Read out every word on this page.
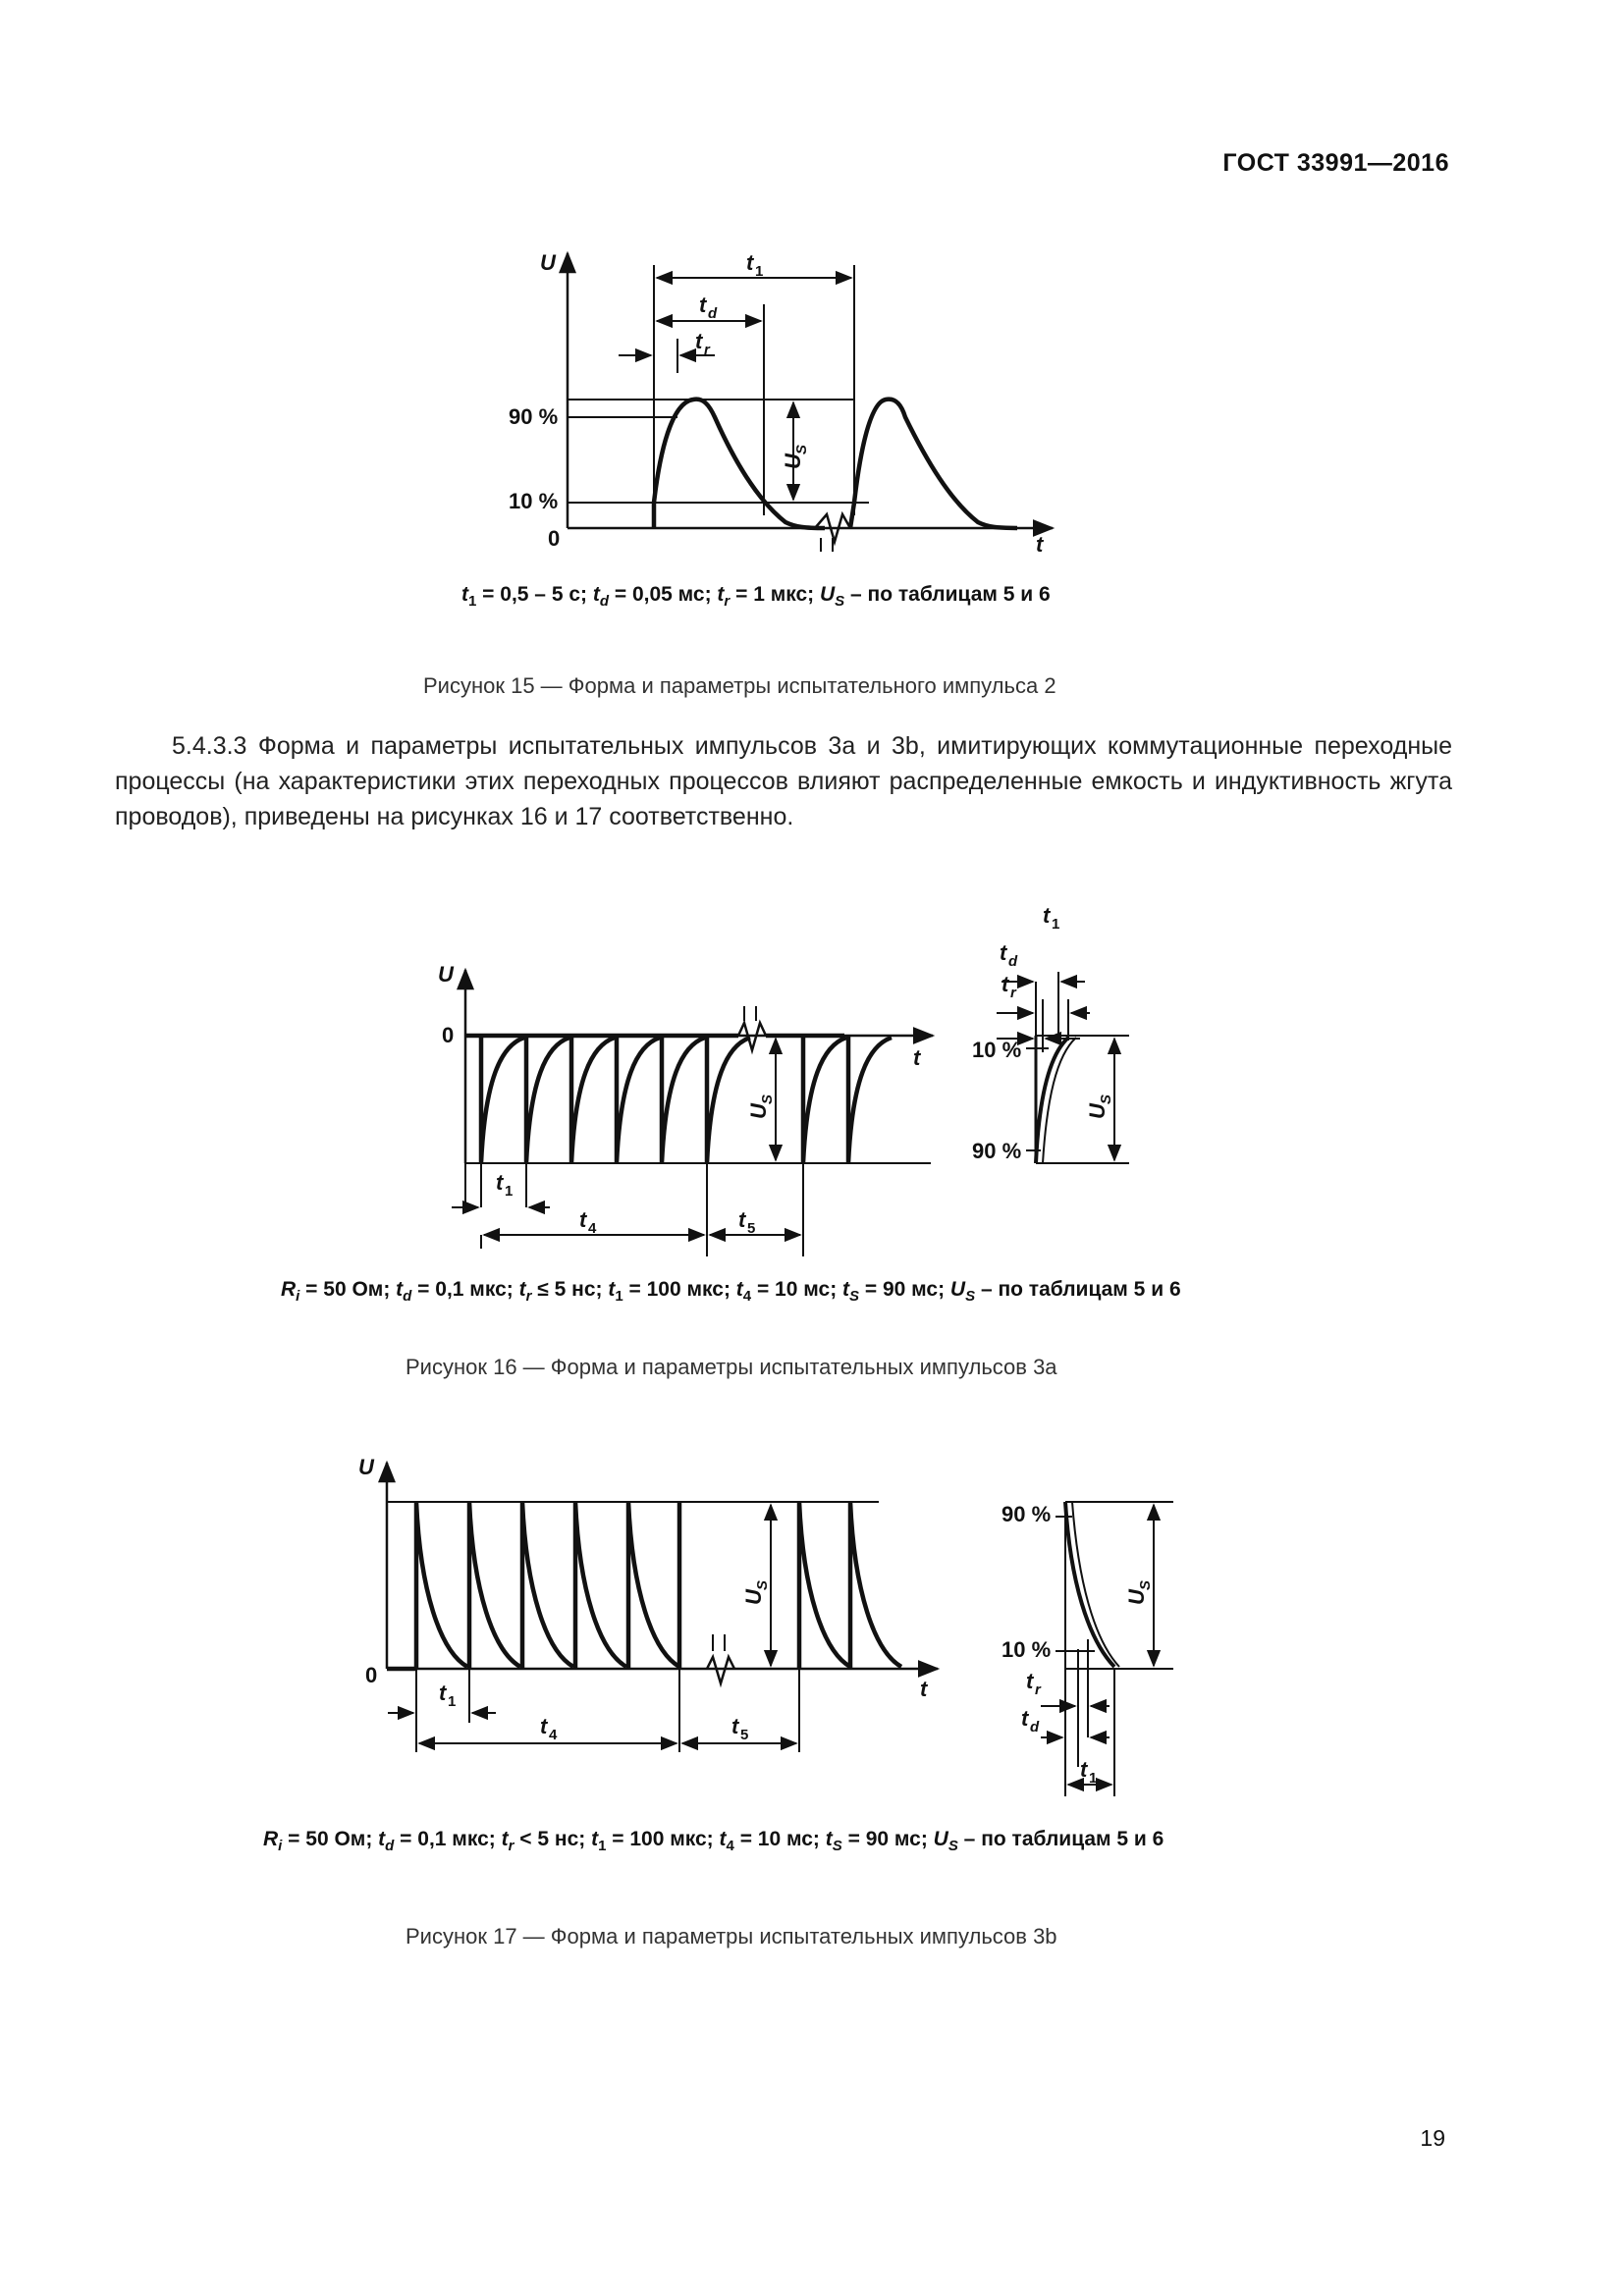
ГОСТ 33991—2016
U
t
90 %
10 %
0
t 1
t d
t r
U
S
$t_1 = 0,5 - 5$ с; $t_d = 0,05$ мс; $t_r = 1$ мкс; $U_S$ – по таблицам 5 и 6
Рисунок 15 — Форма и параметры испытательного импульса 2

5.4.3.3 Форма и параметры испытательных импульсов 3а и 3b, имитирующих коммутационные переходные процессы (на характеристики этих переходных процессов влияют распределенные емкость и индуктивность жгута проводов), приведены на рисунках 16 и 17 соответственно.

U
0
t
t 1
t 4	t 5
U
S
U
S
10 %
90 %
t 1
t d
t r
$R_i = 50$ Ом; $t_d = 0,1$ мкс; $t_r \le 5$ нс; $t_1 = 100$ мкс; $t_4 = 10$ мс; $t_S = 90$ мс; $U_S$ – по таблицам 5 и 6
Рисунок 16 — Форма и параметры испытательных импульсов 3а
U
0
t
t 1
t 4	t 5
U
S
U
S
90 %
10 %
t r
t d
t 1
$R_i = 50$ Ом; $t_d = 0,1$ мкс; $t_r < 5$ нс; $t_1 = 100$ мкс; $t_4 = 10$ мс; $t_S = 90$ мс; $U_S$ – по таблицам 5 и 6
Рисунок 17 — Форма и параметры испытательных импульсов 3b
19
